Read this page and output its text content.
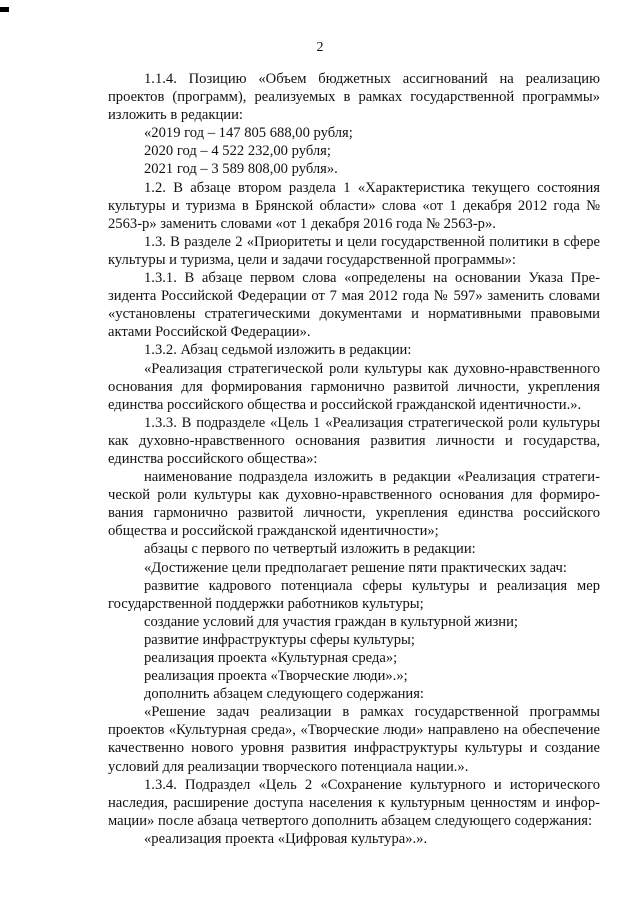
2

1.1.4. Позицию «Объем бюджетных ассигнований на реализацию проектов (программ), реализуемых в рамках государственной программы» изложить в редакции:

«2019 год – 147 805 688,00 рубля;

2020 год – 4 522 232,00 рубля;

2021 год – 3 589 808,00 рубля».

1.2. В абзаце втором раздела 1 «Характеристика текущего состояния культуры и туризма в Брянской области» слова «от 1 декабря 2012 года № 2563-р» заменить словами «от 1 декабря 2016 года № 2563-р».

1.3. В разделе 2 «Приоритеты и цели государственной политики в сфере культуры и туризма, цели и задачи государственной программы»:

1.3.1. В абзаце первом слова «определены на основании Указа Президента Российской Федерации от 7 мая 2012 года № 597» заменить словами «установлены стратегическими документами и нормативными правовыми актами Российской Федерации».

1.3.2. Абзац седьмой изложить в редакции:

«Реализация стратегической роли культуры как духовно-нравственного основания для формирования гармонично развитой личности, укрепления единства российского общества и российской гражданской идентичности.».

1.3.3. В подразделе «Цель 1 «Реализация стратегической роли культуры как духовно-нравственного основания развития личности и государства, единства российского общества»:

наименование подраздела изложить в редакции «Реализация стратегической роли культуры как духовно-нравственного основания для формирования гармонично развитой личности, укрепления единства российского общества и российской гражданской идентичности»;

абзацы с первого по четвертый изложить в редакции:

«Достижение цели предполагает решение пяти практических задач:

развитие кадрового потенциала сферы культуры и реализация мер государственной поддержки работников культуры;

создание условий для участия граждан в культурной жизни;

развитие инфраструктуры сферы культуры;

реализация проекта «Культурная среда»;

реализация проекта «Творческие люди».»;

дополнить абзацем следующего содержания:

«Решение задач реализации в рамках государственной программы проектов «Культурная среда», «Творческие люди» направлено на обеспечение качественно нового уровня развития инфраструктуры культуры и создание условий для реализации творческого потенциала нации.».

1.3.4. Подраздел «Цель 2 «Сохранение культурного и исторического наследия, расширение доступа населения к культурным ценностям и информации» после абзаца четвертого дополнить абзацем следующего содержания:

«реализация проекта «Цифровая культура».».
